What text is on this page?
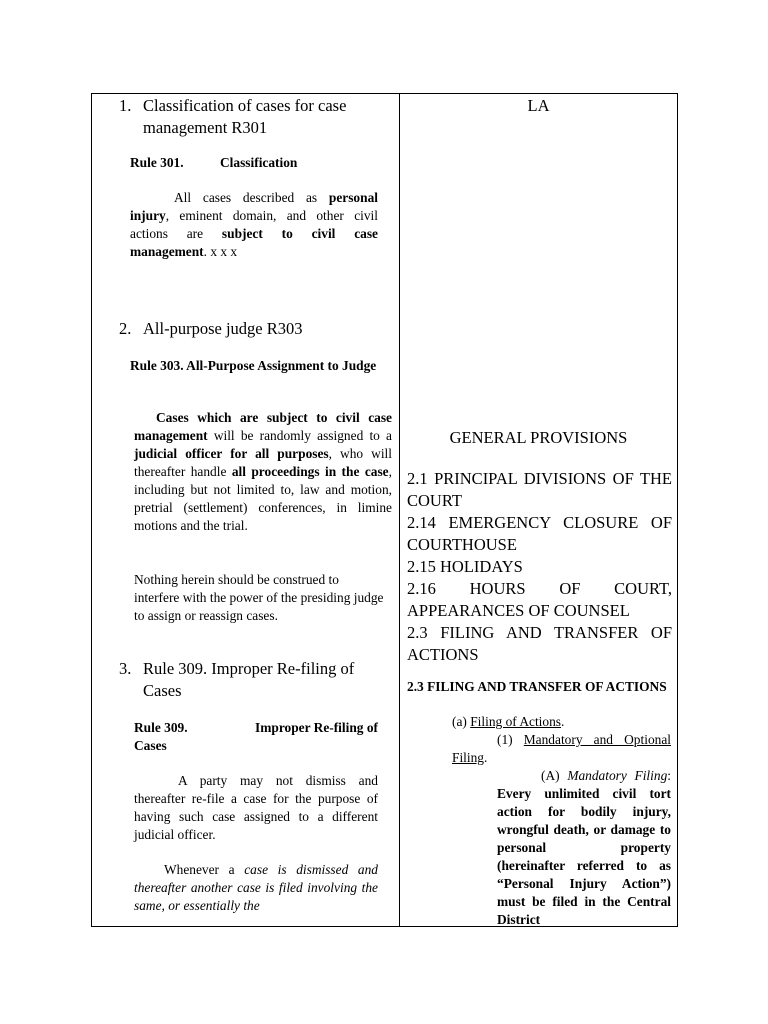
1. Classification of cases for case
management R301
Rule 301.	Classification
All cases described as personal injury, eminent domain, and other civil actions are subject to civil case management. x x x
2. All-purpose judge R303
Rule 303. All-Purpose Assignment to Judge
Cases which are subject to civil case management will be randomly assigned to a judicial officer for all purposes, who will thereafter handle all proceedings in the case, including but not limited to, law and motion, pretrial (settlement) conferences, in limine motions and the trial.
Nothing herein should be construed to interfere with the power of the presiding judge to assign or reassign cases.
3. Rule 309. Improper Re-filing of
Cases
Rule 309.	Improper Re-filing of
Cases
A party may not dismiss and thereafter re-file a case for the purpose of having such case assigned to a different judicial officer.
Whenever a case is dismissed and thereafter another case is filed involving the same, or essentially the
LA
GENERAL PROVISIONS
2.1 PRINCIPAL DIVISIONS OF THE COURT
2.14 EMERGENCY CLOSURE OF COURTHOUSE
2.15 HOLIDAYS
2.16 HOURS OF COURT, APPEARANCES OF COUNSEL
2.3 FILING AND TRANSFER OF ACTIONS
2.3 FILING AND TRANSFER OF ACTIONS
(a) Filing of Actions.
(1) Mandatory and Optional Filing.
(A) Mandatory Filing: Every unlimited civil tort action for bodily injury, wrongful death, or damage to personal property (hereinafter referred to as “Personal Injury Action”) must be filed in the Central District
